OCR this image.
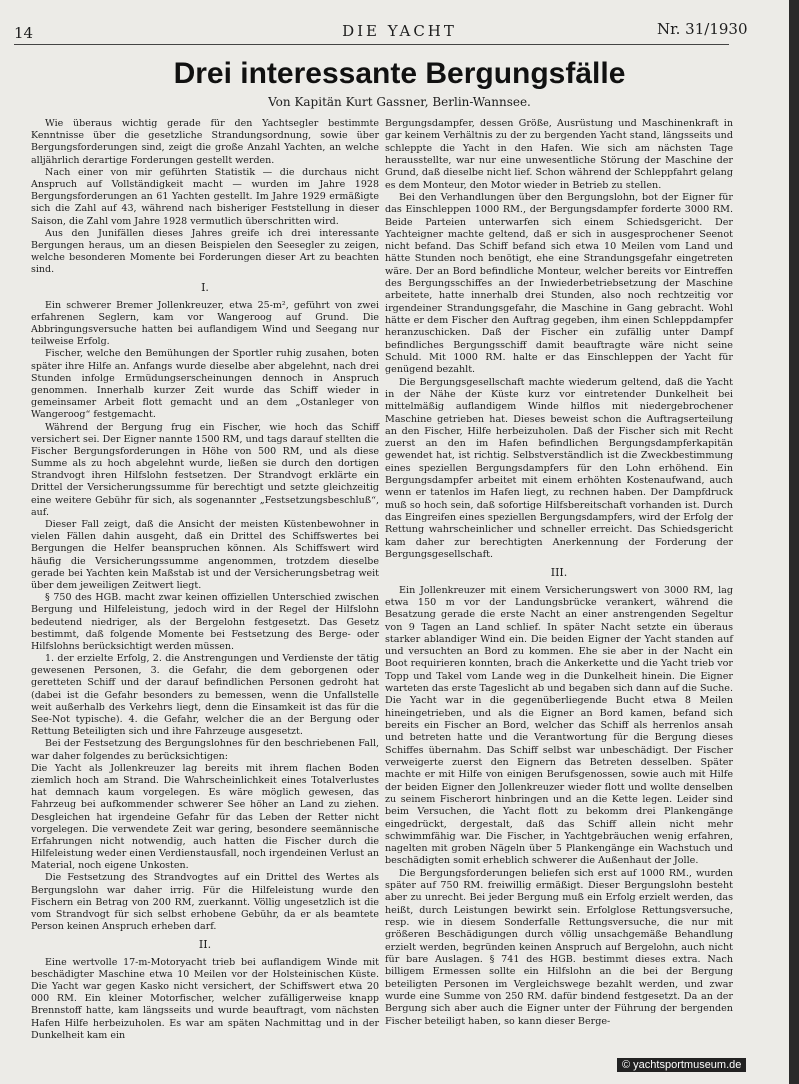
14	DIE YACHT	Nr. 31/1930
Drei interessante Bergungsfälle
Von Kapitän Kurt Gassner, Berlin-Wannsee.

Wie überaus wichtig gerade für den Yachtsegler bestimmte Kenntnisse über die gesetzliche Strandungsordnung, sowie über Bergungsforderungen sind, zeigt die große Anzahl Yachten, an welche alljährlich derartige Forderungen gestellt werden.

Nach einer von mir geführten Statistik — die durchaus nicht Anspruch auf Vollständigkeit macht — wurden im Jahre 1928 Bergungsforderungen an 61 Yachten gestellt. Im Jahre 1929 ermäßigte sich die Zahl auf 43, während nach bisheriger Feststellung in dieser Saison, die Zahl vom Jahre 1928 vermutlich überschritten wird.

Aus den Junifällen dieses Jahres greife ich drei interessante Bergungen heraus, um an diesen Beispielen den Seesegler zu zeigen, welche besonderen Momente bei Forderungen dieser Art zu beachten sind.

I.

Ein schwerer Bremer Jollenkreuzer, etwa 25-m², geführt von zwei erfahrenen Seglern, kam vor Wangeroog auf Grund. Die Abbringungsversuche hatten bei auflandigem Wind und Seegang nur teilweise Erfolg.

Fischer, welche den Bemühungen der Sportler ruhig zusahen, boten später ihre Hilfe an. Anfangs wurde dieselbe aber abgelehnt, nach drei Stunden infolge Ermüdungserscheinungen dennoch in Anspruch genommen. Innerhalb kurzer Zeit wurde das Schiff wieder in gemeinsamer Arbeit flott gemacht und an dem „Ostanleger von Wangeroog“ festgemacht.

Während der Bergung frug ein Fischer, wie hoch das Schiff versichert sei. Der Eigner nannte 1500 RM, und tags darauf stellten die Fischer Bergungsforderungen in Höhe von 500 RM, und als diese Summe als zu hoch abgelehnt wurde, ließen sie durch den dortigen Strandvogt ihren Hilfslohn festsetzen. Der Strandvogt erklärte ein Drittel der Versicherungssumme für berechtigt und setzte gleichzeitig eine weitere Gebühr für sich, als sogenannter „Festsetzungsbeschluß“, auf.

Dieser Fall zeigt, daß die Ansicht der meisten Küstenbewohner in vielen Fällen dahin ausgeht, daß ein Drittel des Schiffswertes bei Bergungen die Helfer beanspruchen können. Als Schiffswert wird häufig die Versicherungssumme angenommen, trotzdem dieselbe gerade bei Yachten kein Maßstab ist und der Versicherungsbetrag weit über dem jeweiligen Zeitwert liegt.

§ 750 des HGB. macht zwar keinen offiziellen Unterschied zwischen Bergung und Hilfeleistung, jedoch wird in der Regel der Hilfslohn bedeutend niedriger, als der Bergelohn festgesetzt. Das Gesetz bestimmt, daß folgende Momente bei Festsetzung des Berge- oder Hilfslohns berücksichtigt werden müssen.

1. der erzielte Erfolg, 2. die Anstrengungen und Verdienste der tätig gewesenen Personen, 3. die Gefahr, die dem geborgenen oder geretteten Schiff und der darauf befindlichen Personen gedroht hat (dabei ist die Gefahr besonders zu bemessen, wenn die Unfallstelle weit außerhalb des Verkehrs liegt, denn die Einsamkeit ist das für die See-Not typische). 4. die Gefahr, welcher die an der Bergung oder Rettung Beteiligten sich und ihre Fahrzeuge ausgesetzt.

Bei der Festsetzung des Bergungslohnes für den beschriebenen Fall, war daher folgendes zu berücksichtigen:

Die Yacht als Jollenkreuzer lag bereits mit ihrem flachen Boden ziemlich hoch am Strand. Die Wahrscheinlichkeit eines Totalverlustes hat demnach kaum vorgelegen. Es wäre möglich gewesen, das Fahrzeug bei aufkommender schwerer See höher an Land zu ziehen. Desgleichen hat irgendeine Gefahr für das Leben der Retter nicht vorgelegen. Die verwendete Zeit war gering, besondere seemännische Erfahrungen nicht notwendig, auch hatten die Fischer durch die Hilfeleistung weder einen Verdienstausfall, noch irgendeinen Verlust an Material, noch eigene Unkosten.

Die Festsetzung des Strandvogtes auf ein Drittel des Wertes als Bergungslohn war daher irrig. Für die Hilfeleistung wurde den Fischern ein Betrag von 200 RM, zuerkannt. Völlig ungesetzlich ist die vom Strandvogt für sich selbst erhobene Gebühr, da er als beamtete Person keinen Anspruch erheben darf.

II.

Eine wertvolle 17-m-Motoryacht trieb bei auflandigem Winde mit beschädigter Maschine etwa 10 Meilen vor der Holsteinischen Küste. Die Yacht war gegen Kasko nicht versichert, der Schiffswert etwa 20 000 RM. Ein kleiner Motorfischer, welcher zufälligerweise knapp Brennstoff hatte, kam längsseits und wurde beauftragt, vom nächsten Hafen Hilfe herbeizuholen. Es war am späten Nachmittag und in der Dunkelheit kam ein

Bergungsdampfer, dessen Größe, Ausrüstung und Maschinenkraft in gar keinem Verhältnis zu der zu bergenden Yacht stand, längsseits und schleppte die Yacht in den Hafen. Wie sich am nächsten Tage herausstellte, war nur eine unwesentliche Störung der Maschine der Grund, daß dieselbe nicht lief. Schon während der Schleppfahrt gelang es dem Monteur, den Motor wieder in Betrieb zu stellen.

Bei den Verhandlungen über den Bergungslohn, bot der Eigner für das Einschleppen 1000 RM., der Bergungsdampfer forderte 3000 RM. Beide Parteien unterwarfen sich einem Schiedsgericht. Der Yachteigner machte geltend, daß er sich in ausgesprochener Seenot nicht befand. Das Schiff befand sich etwa 10 Meilen vom Land und hätte Stunden noch benötigt, ehe eine Strandungsgefahr eingetreten wäre. Der an Bord befindliche Monteur, welcher bereits vor Eintreffen des Bergungsschiffes an der Inwiederbetriebsetzung der Maschine arbeitete, hatte innerhalb drei Stunden, also noch rechtzeitig vor irgendeiner Strandungsgefahr, die Maschine in Gang gebracht. Wohl hätte er dem Fischer den Auftrag gegeben, ihm einen Schleppdampfer heranzuschicken. Daß der Fischer ein zufällig unter Dampf befindliches Bergungsschiff damit beauftragte wäre nicht seine Schuld. Mit 1000 RM. halte er das Einschleppen der Yacht für genügend bezahlt.

Die Bergungsgesellschaft machte wiederum geltend, daß die Yacht in der Nähe der Küste kurz vor eintretender Dunkelheit bei mittelmäßig auflandigem Winde hilflos mit niedergebrochener Maschine getrieben hat. Dieses beweist schon die Auftragserteilung an den Fischer, Hilfe herbeizuholen. Daß der Fischer sich mit Recht zuerst an den im Hafen befindlichen Bergungsdampferkapitän gewendet hat, ist richtig. Selbstverständlich ist die Zweckbestimmung eines speziellen Bergungsdampfers für den Lohn erhöhend. Ein Bergungsdampfer arbeitet mit einem erhöhten Kostenaufwand, auch wenn er tatenlos im Hafen liegt, zu rechnen haben. Der Dampfdruck muß so hoch sein, daß sofortige Hilfsbereitschaft vorhanden ist. Durch das Eingreifen eines speziellen Bergungsdampfers, wird der Erfolg der Rettung wahrscheinlicher und schneller erreicht. Das Schiedsgericht kam daher zur berechtigten Anerkennung der Forderung der Bergungsgesellschaft.

III.

Ein Jollenkreuzer mit einem Versicherungswert von 3000 RM, lag etwa 150 m vor der Landungsbrücke verankert, während die Besatzung gerade die erste Nacht an einer anstrengenden Segeltur von 9 Tagen an Land schlief. In später Nacht setzte ein überaus starker ablandiger Wind ein. Die beiden Eigner der Yacht standen auf und versuchten an Bord zu kommen. Ehe sie aber in der Nacht ein Boot requirieren konnten, brach die Ankerkette und die Yacht trieb vor Topp und Takel vom Lande weg in die Dunkelheit hinein. Die Eigner warteten das erste Tageslicht ab und begaben sich dann auf die Suche. Die Yacht war in die gegenüberliegende Bucht etwa 8 Meilen hineingetrieben, und als die Eigner an Bord kamen, befand sich bereits ein Fischer an Bord, welcher das Schiff als herrenlos ansah und betreten hatte und die Verantwortung für die Bergung dieses Schiffes übernahm. Das Schiff selbst war unbeschädigt. Der Fischer verweigerte zuerst den Eignern das Betreten desselben. Später machte er mit Hilfe von einigen Berufsgenossen, sowie auch mit Hilfe der beiden Eigner den Jollenkreuzer wieder flott und wollte denselben zu seinem Fischerort hinbringen und an die Kette legen. Leider sind beim Versuchen, die Yacht flott zu bekomm drei Plankengänge eingedrückt, dergestalt, daß das Schiff allein nicht mehr schwimmfähig war. Die Fischer, in Yachtgebräuchen wenig erfahren, nagelten mit groben Nägeln über 5 Plankengänge ein Wachstuch und beschädigten somit erheblich schwerer die Außenhaut der Jolle.

Die Bergungsforderungen beliefen sich erst auf 1000 RM., wurden später auf 750 RM. freiwillig ermäßigt. Dieser Bergungslohn besteht aber zu unrecht. Bei jeder Bergung muß ein Erfolg erzielt werden, das heißt, durch Leistungen bewirkt sein. Erfolglose Rettungsversuche, resp. wie in diesem Sonderfalle Rettungsversuche, die nur mit größeren Beschädigungen durch völlig unsachgemäße Behandlung erzielt werden, begründen keinen Anspruch auf Bergelohn, auch nicht für bare Auslagen. § 741 des HGB. bestimmt dieses extra. Nach billigem Ermessen sollte ein Hilfslohn an die bei der Bergung beteiligten Personen im Vergleichswege bezahlt werden, und zwar wurde eine Summe von 250 RM. dafür bindend festgesetzt. Da an der Bergung sich aber auch die Eigner unter der Führung der bergenden Fischer beteiligt haben, so kann dieser Berge-

© yachtsportmuseum.de
